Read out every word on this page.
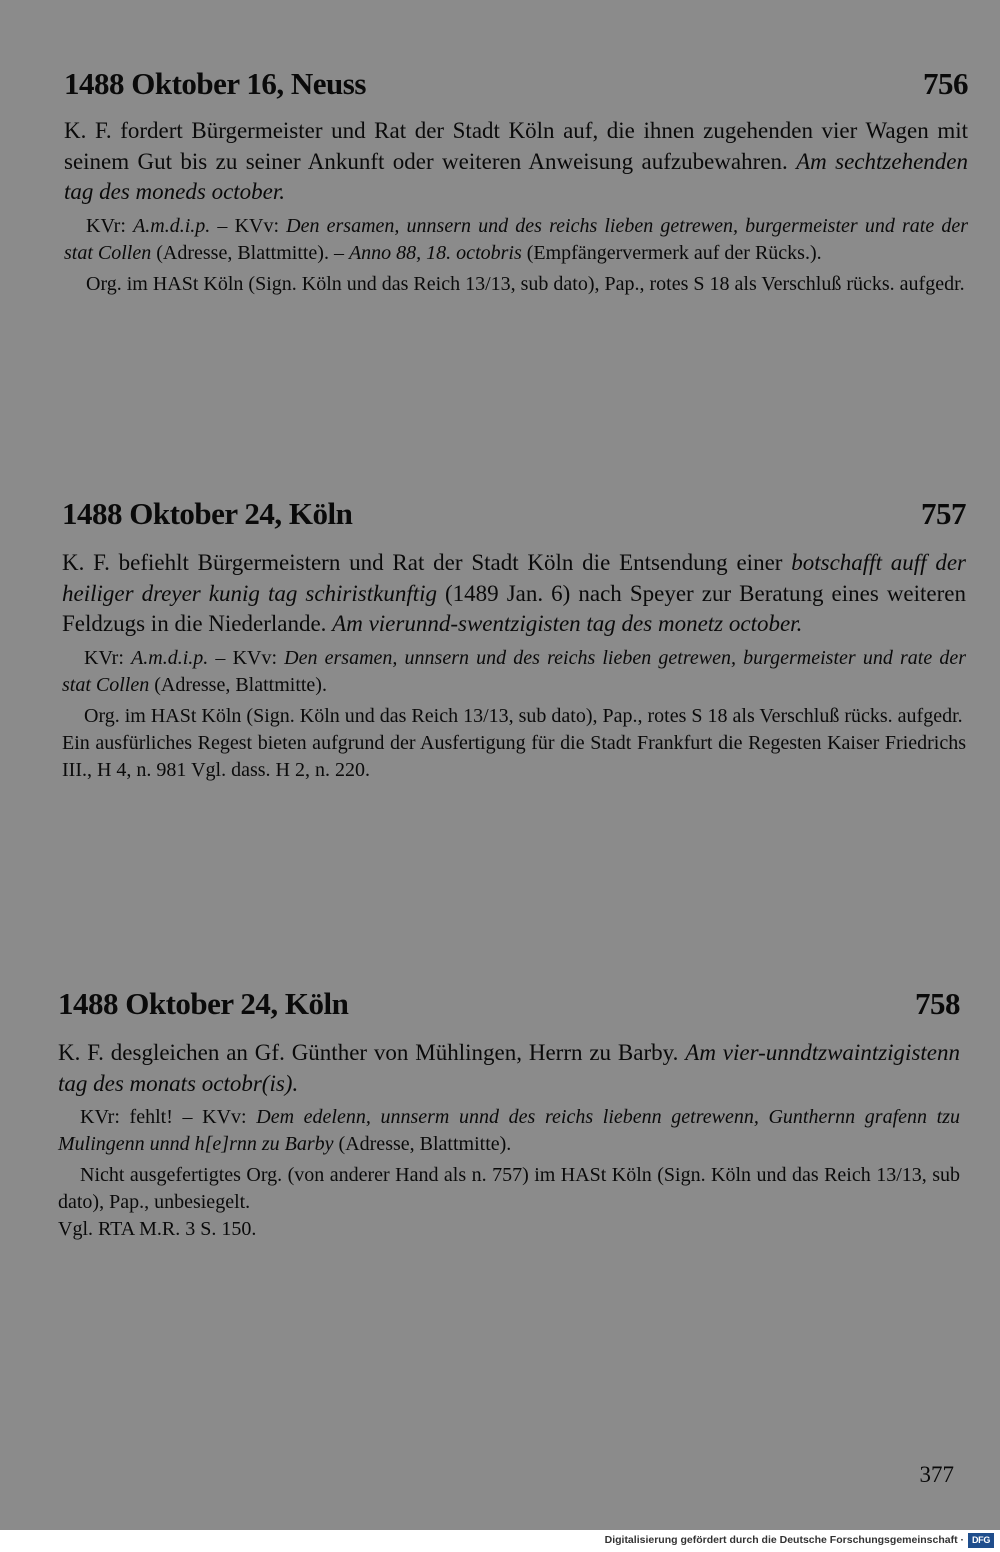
1488 Oktober 16, Neuss	756

K. F. fordert Bürgermeister und Rat der Stadt Köln auf, die ihnen zugehenden vier Wagen mit seinem Gut bis zu seiner Ankunft oder weiteren Anweisung aufzubewahren. Am sechtzehenden tag des moneds october.

KVr: A.m.d.i.p. – KVv: Den ersamen, unnsern und des reichs lieben getrewen, burgermeister und rate der stat Collen (Adresse, Blattmitte). – Anno 88, 18. octobris (Empfängervermerk auf der Rücks.).

Org. im HASt Köln (Sign. Köln und das Reich 13/13, sub dato), Pap., rotes S 18 als Verschluß rücks. aufgedr.

1488 Oktober 24, Köln	757

K. F. befiehlt Bürgermeistern und Rat der Stadt Köln die Entsendung einer botschafft auff der heiliger dreyer kunig tag schiristkunftig (1489 Jan. 6) nach Speyer zur Beratung eines weiteren Feldzugs in die Niederlande. Am vierunnd-swentzigisten tag des monetz october.

KVr: A.m.d.i.p. – KVv: Den ersamen, unnsern und des reichs lieben getrewen, burgermeister und rate der stat Collen (Adresse, Blattmitte).

Org. im HASt Köln (Sign. Köln und das Reich 13/13, sub dato), Pap., rotes S 18 als Verschluß rücks. aufgedr.

Ein ausfürliches Regest bieten aufgrund der Ausfertigung für die Stadt Frankfurt die Regesten Kaiser Friedrichs III., H 4, n. 981 Vgl. dass. H 2, n. 220.

1488 Oktober 24, Köln	758

K. F. desgleichen an Gf. Günther von Mühlingen, Herrn zu Barby. Am vier-unndtzwaintzigistenn tag des monats octobr(is).

KVr: fehlt! – KVv: Dem edelenn, unnserm unnd des reichs liebenn getrewenn, Gunthernn grafenn tzu Mulingenn unnd h[e]rnn zu Barby (Adresse, Blattmitte).

Nicht ausgefertigtes Org. (von anderer Hand als n. 757) im HASt Köln (Sign. Köln und das Reich 13/13, sub dato), Pap., unbesiegelt.

Vgl. RTA M.R. 3 S. 150.

377

Digitalisierung gefördert durch die Deutsche Forschungsgemeinschaft · DFG
